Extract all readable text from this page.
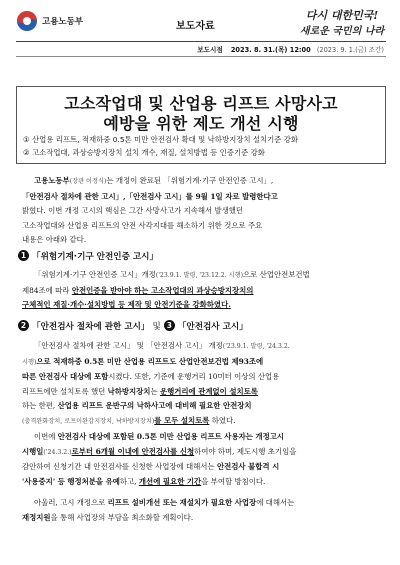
고용노동부	보도자료
다시 대한민국!
새로운 국민의 나라
보도시점 2023. 8. 31.(목) 12:00 (2023. 9. 1.(금) 조간)
고소작업대 및 산업용 리프트 사망사고
예방을 위한 제도 개선 시행
① 산업용 리프트, 적재하중 0.5톤 미만 안전검사 확대 및 낙하방지장치 설치기준 강화
② 고소작업대, 과상승방지장치 설치 개수, 재질, 설치방법 등 인증기준 강화
고용노동부(장관 이정식)는 개정이 완료된 「위험기계·기구 안전인증 고시」,
「안전검사 절차에 관한 고시」,「안전검사 고시」를 9월 1일 자로 발령한다고
밝혔다. 이번 개정 고시의 핵심은 그간 사망사고가 지속해서 발생했던
고소작업대와 산업용 리프트의 안전 사각지대를 해소하기 위한 것으로 주요
내용은 아래와 같다.
1 「위험기계·기구 안전인증 고시」
「위험기계·기구 안전인증 고시」개정('23.9.1. 발령, '23.12.2. 시행)으로 산업안전보건법
제84조에 따라 안전인증을 받아야 하는 고소작업대의 과상승방지장치의
구체적인 재질·개수·설치방법 등 제작 및 안전기준을 강화하였다.
2 「안전검사 절차에 관한 고시」 및 3 「안전검사 고시」
「안전검사 절차에 관한 고시」 및 「안전검사 고시」 개정('23.9.1. 발령, '24.3.2.
시행)으로 적재하중 0.5톤 미만 산업용 리프트도 산업안전보건법 제93조에
따른 안전검사 대상에 포함시켰다. 또한, 기준에 운행거리 10미터 이상의 산업용
리프트에만 설치토록 했던 낙하방지장치는 운행거리에 관계없이 설치토록
하는 한편, 산업용 리프트 운반구의 낙하사고에 대비해 필요한 안전장치
(충격완화장치, 로프이완감지장치, 낙하방지장치)를 모두 설치토록 하였다.
이번에 안전검사 대상에 포함된 0.5톤 미만 산업용 리프트 사용자는 개정고시
시행일('24.3.2.)로부터 6개월 이내에 안전검사를 신청하여야 하며, 제도시행 초기임을
감안하여 신청기간 내 안전검사를 신청한 사업장에 대해서는 안전검사 불합격 시
'사용중지' 등 행정처분을 유예하고, 개선에 필요한 기간을 부여할 방침이다.
아울러, 고시 개정으로 리프트 설비개선 또는 재설치가 필요한 사업장에 대해서는
재정지원을 통해 사업장의 부담을 최소화할 계획이다.
